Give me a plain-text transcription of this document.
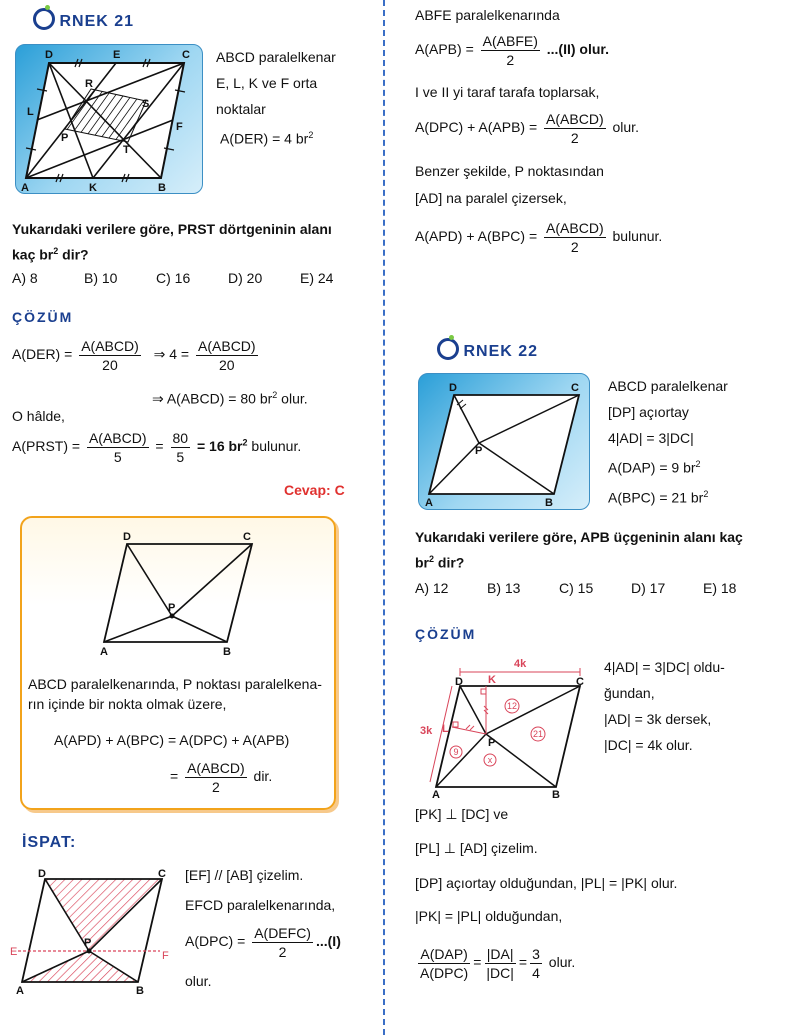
RNEK 21
D	E	C
L
R
S
P
F
T
A	K	B
ABCD paralelkenar
E, L, K ve F orta
noktalar
A(DER) = 4 $br^2$
Yukarıdaki verilere göre, PRST dörtgeninin alanı
kaç $br^2$ dir?
A) 8	B) 10	C) 16	D) 20	E) 24
ÇÖZÜM
$A(DER) = \frac{\text{A(ABCD)}}{20}$ ⇒ $4 = \frac{\text{A(ABCD)}}{20}$
⇒ A(ABCD) = 80 $br^2$ olur.
O hâlde,
A(PRST) = $\frac{\text{A(ABCD)}}{5} = \frac{80}{5} = 16$ $br^2$ bulunur.
Cevap: C
D	C
P
A	B
ABCD paralelkenarında, P noktası paralelkena-
rın içinde bir nokta olmak üzere,
A(APD) + A(BPC) = A(DPC) + A(APB)
= $\frac{\text{A(ABCD)}}{2}$ dir.
İSPAT:
D	C
P
A	B
E	F
[EF] // [AB] çizelim.
EFCD paralelkenarında,
$A(DPC) = \frac{\text{A(DEFC)}}{2} ...(I)$
olur.
ABFE paralelkenarında
$A(APB) = \frac{\text{A(ABFE)}}{2} ...(II)$ olur.
I ve II yi taraf tarafa toplarsak,
$A(DPC) + A(APB) = \frac{\text{A(ABCD)}}{2}$ olur.
Benzer şekilde, P noktasından
[AD] na paralel çizersek,
$A(APD) + A(BPC) = \frac{\text{A(ABCD)}}{2}$ bulunur.
RNEK 22
D	C
P
A	B
ABCD paralelkenar
[DP] açıortay
4|AD| = 3|DC|
A(DAP) = 9 $br^2$
A(BPC) = 21 $br^2$
Yukarıdaki verilere göre, APB üçgeninin alanı kaç
$br^2$ dir?
A) 12	B) 13	C) 15	D) 17	E) 18
ÇÖZÜM
12
21
9
x
4k
3k
K
L
D	C
P
A	B
4|AD| = 3|DC| oldu-
ğundan,
|AD| = 3k dersek,
|DC| = 4k olur.
[PK] ⊥ [DC] ve
[PL] ⊥ [AD] çizelim.
[DP] açıortay olduğundan, |PL| = |PK| olur.
|PK| = |PL| olduğundan,
$\frac{\text{A(DAP)}}{\text{A(DPC)}} = \frac{|DA|}{|DC|} = \frac{3}{4}$ olur.
